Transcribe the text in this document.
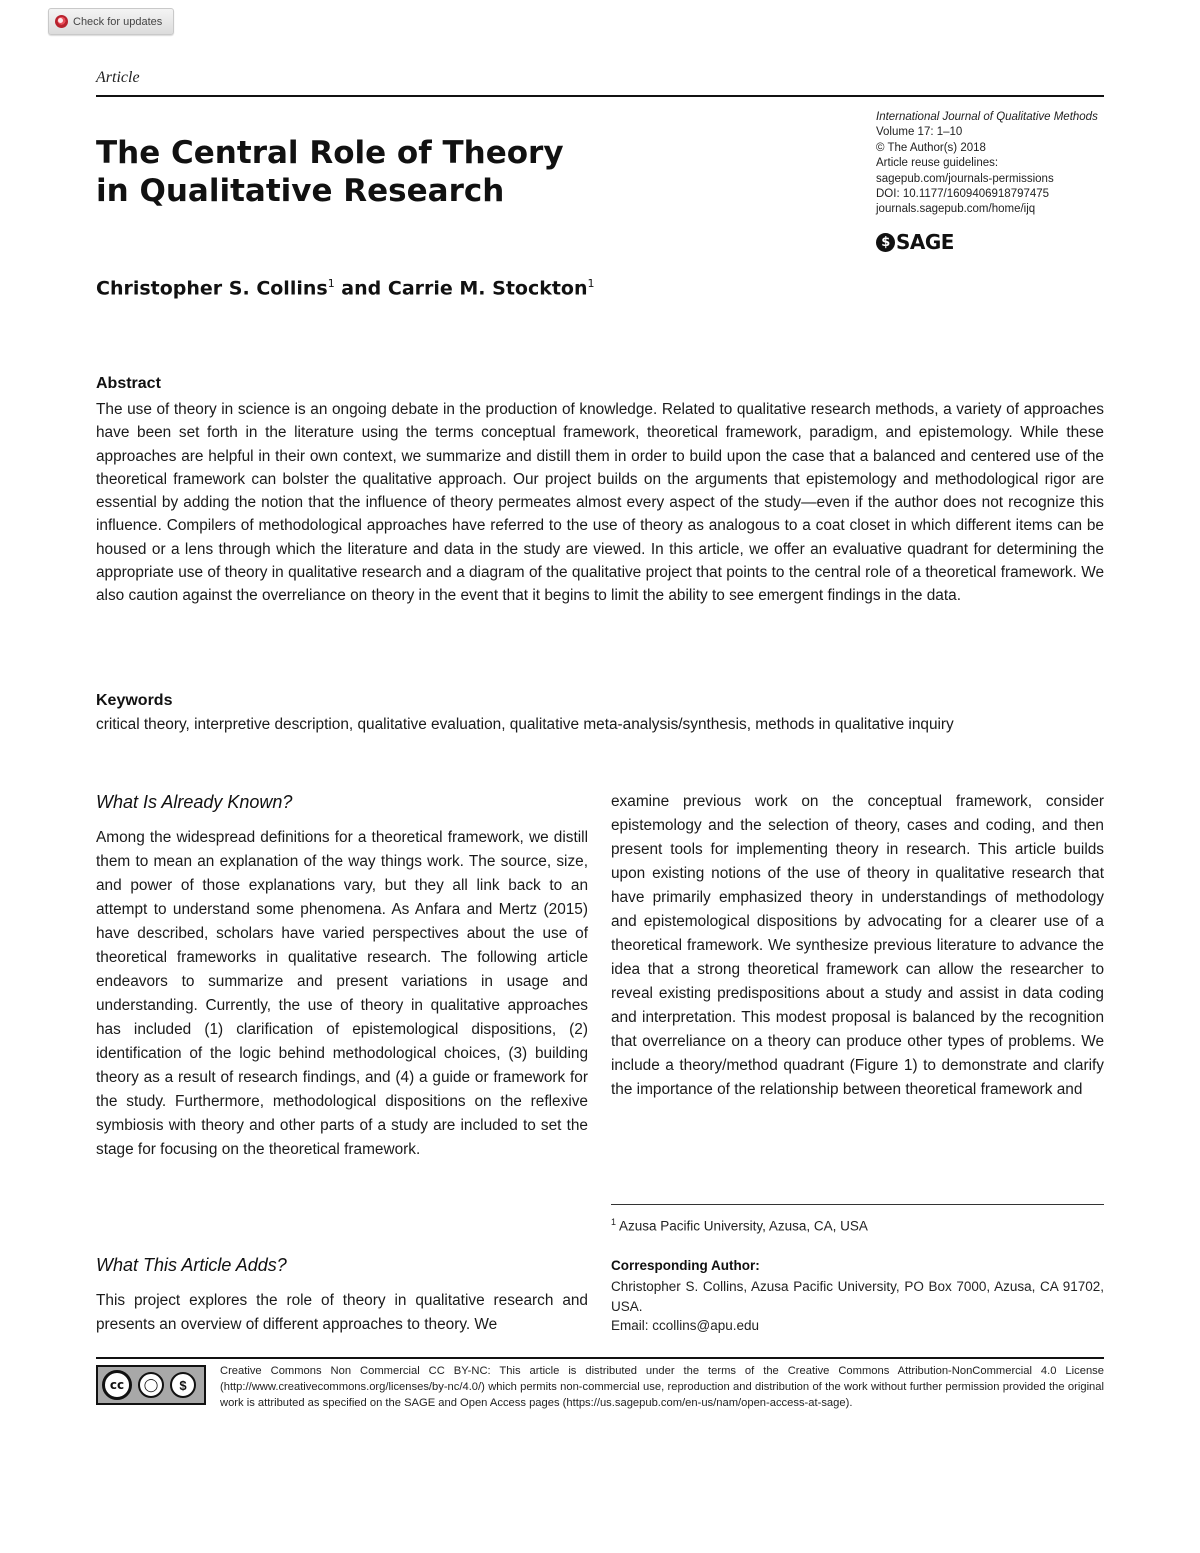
Check for updates
Article
The Central Role of Theory
in Qualitative Research
International Journal of Qualitative Methods
Volume 17: 1–10
© The Author(s) 2018
Article reuse guidelines:
sagepub.com/journals-permissions
DOI: 10.1177/1609406918797475
journals.sagepub.com/home/ijq
$ SAGE
Christopher S. Collins$^1$ and Carrie M. Stockton$^1$
Abstract

The use of theory in science is an ongoing debate in the production of knowledge. Related to qualitative research methods, a variety of approaches have been set forth in the literature using the terms conceptual framework, theoretical framework, paradigm, and epistemology. While these approaches are helpful in their own context, we summarize and distill them in order to build upon the case that a balanced and centered use of the theoretical framework can bolster the qualitative approach. Our project builds on the arguments that epistemology and methodological rigor are essential by adding the notion that the influence of theory permeates almost every aspect of the study—even if the author does not recognize this influence. Compilers of methodological approaches have referred to the use of theory as analogous to a coat closet in which different items can be housed or a lens through which the literature and data in the study are viewed. In this article, we offer an evaluative quadrant for determining the appropriate use of theory in qualitative research and a diagram of the qualitative project that points to the central role of a theoretical framework. We also caution against the overreliance on theory in the event that it begins to limit the ability to see emergent findings in the data.

Keywords

critical theory, interpretive description, qualitative evaluation, qualitative meta-analysis/synthesis, methods in qualitative inquiry

What Is Already Known?

Among the widespread definitions for a theoretical framework, we distill them to mean an explanation of the way things work. The source, size, and power of those explanations vary, but they all link back to an attempt to understand some phenomena. As Anfara and Mertz (2015) have described, scholars have varied perspectives about the use of theoretical frameworks in qualitative research. The following article endeavors to summarize and present variations in usage and understanding. Currently, the use of theory in qualitative approaches has included (1) clarification of epistemological dispositions, (2) identification of the logic behind methodological choices, (3) building theory as a result of research findings, and (4) a guide or framework for the study. Furthermore, methodological dispositions on the reflexive symbiosis with theory and other parts of a study are included to set the stage for focusing on the theoretical framework.

What This Article Adds?

This project explores the role of theory in qualitative research and presents an overview of different approaches to theory. We

examine previous work on the conceptual framework, consider epistemology and the selection of theory, cases and coding, and then present tools for implementing theory in research. This article builds upon existing notions of the use of theory in qualitative research that have primarily emphasized theory in understandings of methodology and epistemological dispositions by advocating for a clearer use of a theoretical framework. We synthesize previous literature to advance the idea that a strong theoretical framework can allow the researcher to reveal existing predispositions about a study and assist in data coding and interpretation. This modest proposal is balanced by the recognition that overreliance on a theory can produce other types of problems. We include a theory/method quadrant (Figure 1) to demonstrate and clarify the importance of the relationship between theoretical framework and

$^1$ Azusa Pacific University, Azusa, CA, USA
Corresponding Author:

Christopher S. Collins, Azusa Pacific University, PO Box 7000, Azusa, CA 91702, USA.
Email: ccollins@apu.edu

cc	◯	$

Creative Commons Non Commercial CC BY-NC: This article is distributed under the terms of the Creative Commons Attribution-NonCommercial 4.0 License (http://www.creativecommons.org/licenses/by-nc/4.0/) which permits non-commercial use, reproduction and distribution of the work without further permission provided the original work is attributed as specified on the SAGE and Open Access pages (https://us.sagepub.com/en-us/nam/open-access-at-sage).
